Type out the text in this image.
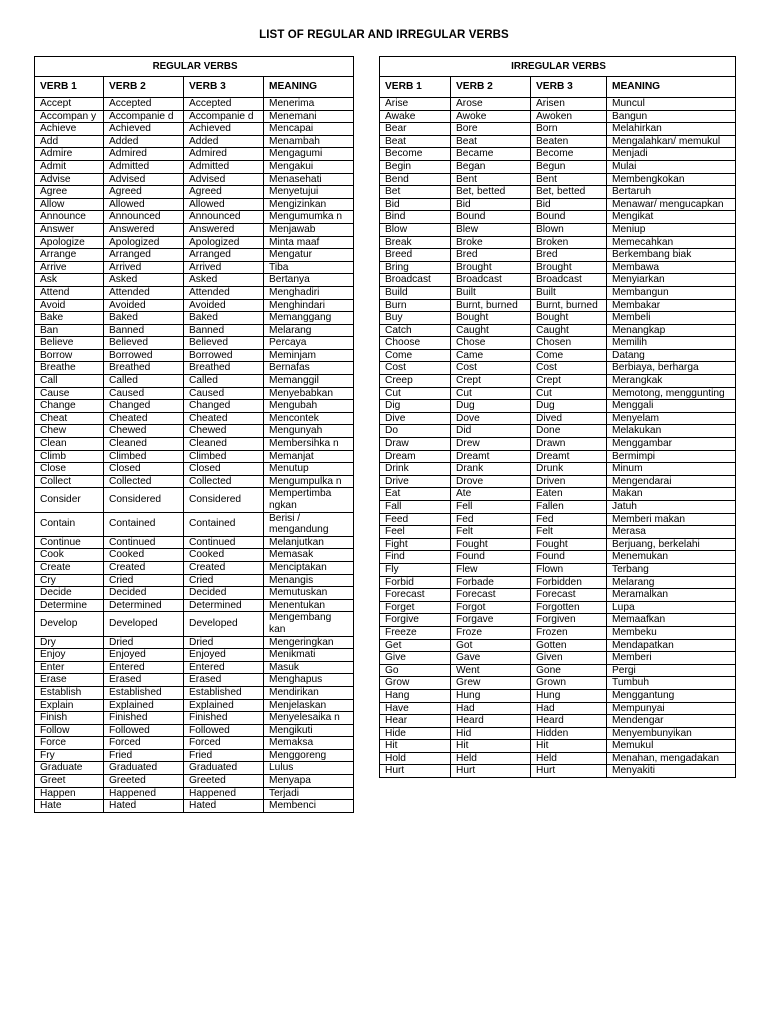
LIST OF REGULAR AND IRREGULAR VERBS
REGULAR VERBS			
VERB 1	VERB 2	VERB 3	MEANING
Accept	Accepted	Accepted	Menerima
Accompan y	Accompanie d	Accompanie d	Menemani
Achieve	Achieved	Achieved	Mencapai
Add	Added	Added	Menambah
Admire	Admired	Admired	Mengagumi
Admit	Admitted	Admitted	Mengakui
Advise	Advised	Advised	Menasehati
Agree	Agreed	Agreed	Menyetujui
Allow	Allowed	Allowed	Mengizinkan
Announce	Announced	Announced	Mengumumka n
Answer	Answered	Answered	Menjawab
Apologize	Apologized	Apologized	Minta maaf
Arrange	Arranged	Arranged	Mengatur
Arrive	Arrived	Arrived	Tiba
Ask	Asked	Asked	Bertanya
Attend	Attended	Attended	Menghadiri
Avoid	Avoided	Avoided	Menghindari
Bake	Baked	Baked	Memanggang
Ban	Banned	Banned	Melarang
Believe	Believed	Believed	Percaya
Borrow	Borrowed	Borrowed	Meminjam
Breathe	Breathed	Breathed	Bernafas
Call	Called	Called	Memanggil
Cause	Caused	Caused	Menyebabkan
Change	Changed	Changed	Mengubah
Cheat	Cheated	Cheated	Mencontek
Chew	Chewed	Chewed	Mengunyah
Clean	Cleaned	Cleaned	Membersihka n
Climb	Climbed	Climbed	Memanjat
Close	Closed	Closed	Menutup
Collect	Collected	Collected	Mengumpulka n
Consider	Considered	Considered	Mempertimba ngkan
Contain	Contained	Contained	Berisi / mengandung
Continue	Continued	Continued	Melanjutkan
Cook	Cooked	Cooked	Memasak
Create	Created	Created	Menciptakan
Cry	Cried	Cried	Menangis
Decide	Decided	Decided	Memutuskan
Determine	Determined	Determined	Menentukan
Develop	Developed	Developed	Mengembang kan
Dry	Dried	Dried	Mengeringkan
Enjoy	Enjoyed	Enjoyed	Menikmati
Enter	Entered	Entered	Masuk
Erase	Erased	Erased	Menghapus
Establish	Established	Established	Mendirikan
Explain	Explained	Explained	Menjelaskan
Finish	Finished	Finished	Menyelesaika n
Follow	Followed	Followed	Mengikuti
Force	Forced	Forced	Memaksa
Fry	Fried	Fried	Menggoreng
Graduate	Graduated	Graduated	Lulus
Greet	Greeted	Greeted	Menyapa
Happen	Happened	Happened	Terjadi
Hate	Hated	Hated	Membenci
IRREGULAR VERBS			
VERB 1	VERB 2	VERB 3	MEANING
Arise	Arose	Arisen	Muncul
Awake	Awoke	Awoken	Bangun
Bear	Bore	Born	Melahirkan
Beat	Beat	Beaten	Mengalahkan/ memukul
Become	Became	Become	Menjadi
Begin	Began	Begun	Mulai
Bend	Bent	Bent	Membengkokan
Bet	Bet, betted	Bet, betted	Bertaruh
Bid	Bid	Bid	Menawar/ mengucapkan
Bind	Bound	Bound	Mengikat
Blow	Blew	Blown	Meniup
Break	Broke	Broken	Memecahkan
Breed	Bred	Bred	Berkembang biak
Bring	Brought	Brought	Membawa
Broadcast	Broadcast	Broadcast	Menyiarkan
Build	Built	Built	Membangun
Burn	Burnt, burned	Burnt, burned	Membakar
Buy	Bought	Bought	Membeli
Catch	Caught	Caught	Menangkap
Choose	Chose	Chosen	Memilih
Come	Came	Come	Datang
Cost	Cost	Cost	Berbiaya, berharga
Creep	Crept	Crept	Merangkak
Cut	Cut	Cut	Memotong, menggunting
Dig	Dug	Dug	Menggali
Dive	Dove	Dived	Menyelam
Do	Did	Done	Melakukan
Draw	Drew	Drawn	Menggambar
Dream	Dreamt	Dreamt	Bermimpi
Drink	Drank	Drunk	Minum
Drive	Drove	Driven	Mengendarai
Eat	Ate	Eaten	Makan
Fall	Fell	Fallen	Jatuh
Feed	Fed	Fed	Memberi makan
Feel	Felt	Felt	Merasa
Fight	Fought	Fought	Berjuang, berkelahi
Find	Found	Found	Menemukan
Fly	Flew	Flown	Terbang
Forbid	Forbade	Forbidden	Melarang
Forecast	Forecast	Forecast	Meramalkan
Forget	Forgot	Forgotten	Lupa
Forgive	Forgave	Forgiven	Memaafkan
Freeze	Froze	Frozen	Membeku
Get	Got	Gotten	Mendapatkan
Give	Gave	Given	Memberi
Go	Went	Gone	Pergi
Grow	Grew	Grown	Tumbuh
Hang	Hung	Hung	Menggantung
Have	Had	Had	Mempunyai
Hear	Heard	Heard	Mendengar
Hide	Hid	Hidden	Menyembunyikan
Hit	Hit	Hit	Memukul
Hold	Held	Held	Menahan, mengadakan
Hurt	Hurt	Hurt	Menyakiti
